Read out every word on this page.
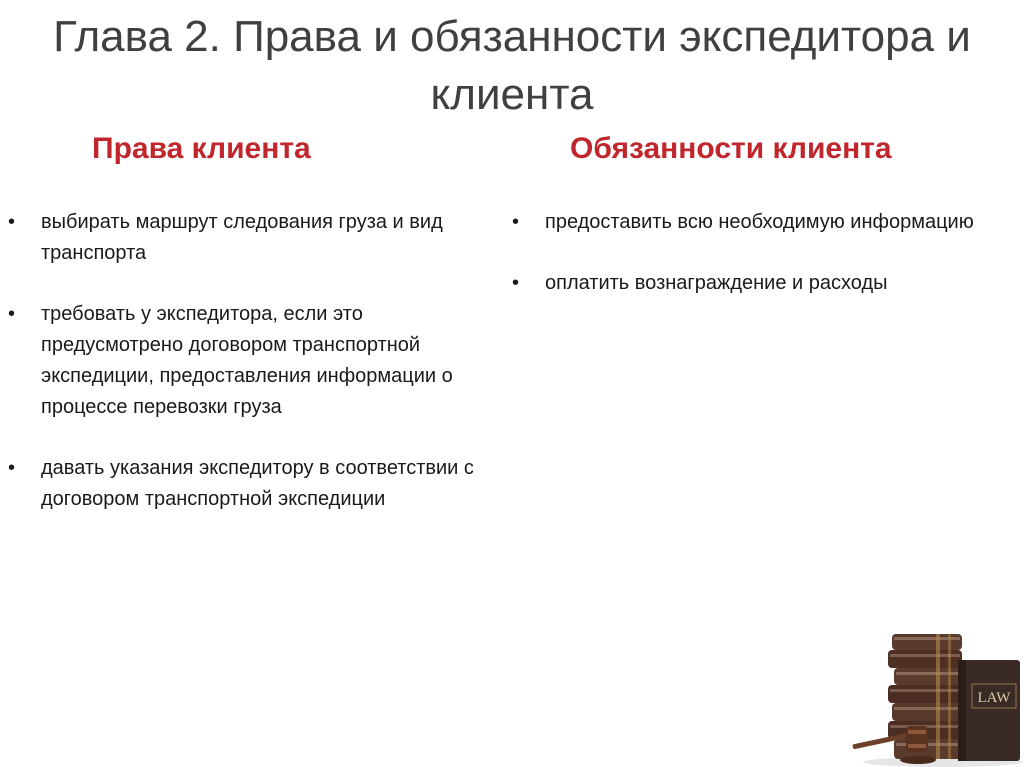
Глава 2. Права и обязанности экспедитора и клиента
Права клиента	Обязанности клиента
• выбирать маршрут следования груза и вид транспорта
• требовать у экспедитора, если это предусмотрено договором транспортной экспедиции, предоставления информации о процессе перевозки груза
• давать указания экспедитору в соответствии с договором транспортной экспедиции
• предоставить всю необходимую информацию
• оплатить вознаграждение и расходы
LAW
